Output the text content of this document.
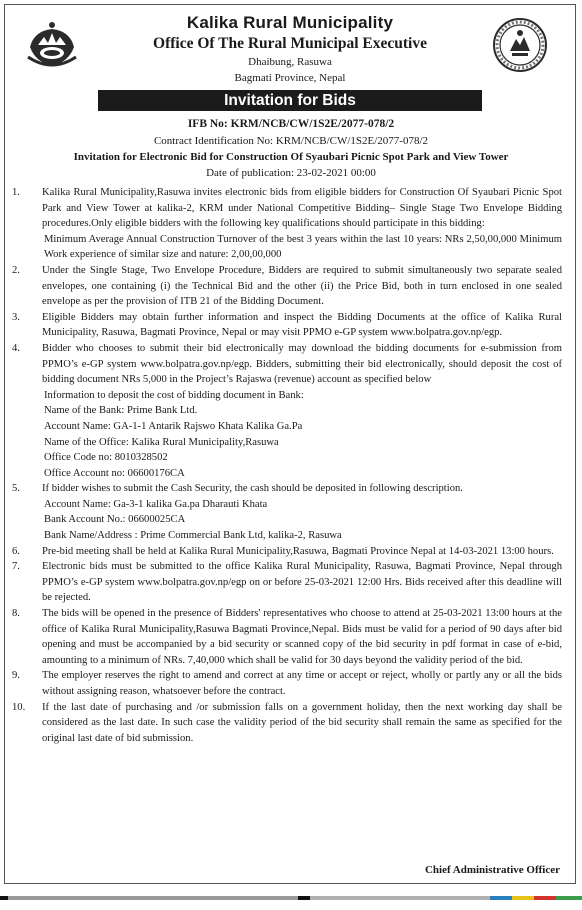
Kalika Rural Municipality
Office Of The Rural Municipal Executive
Dhaibung, Rasuwa
Bagmati Province, Nepal
Invitation for Bids
IFB No: KRM/NCB/CW/1S2E/2077-078/2
Contract Identification No: KRM/NCB/CW/1S2E/2077-078/2
Invitation for Electronic Bid for Construction Of Syaubari Picnic Spot Park and View Tower
Date of publication: 23-02-2021 00:00
1. Kalika Rural Municipality,Rasuwa invites electronic bids from eligible bidders for Construction Of Syaubari Picnic Spot Park and View Tower at kalika-2, KRM under National Competitive Bidding– Single Stage Two Envelope Bidding procedures.Only eligible bidders with the following key qualifications should participate in this bidding:
Minimum Average Annual Construction Turnover of the best 3 years within the last 10 years: NRs 2,50,00,000 Minimum Work experience of similar size and nature: 2,00,00,000
2. Under the Single Stage, Two Envelope Procedure, Bidders are required to submit simultaneously two separate sealed envelopes, one containing (i) the Technical Bid and the other (ii) the Price Bid, both in turn enclosed in one sealed envelope as per the provision of ITB 21 of the Bidding Document.
3. Eligible Bidders may obtain further information and inspect the Bidding Documents at the office of Kalika Rural Municipality, Rasuwa, Bagmati Province, Nepal or may visit PPMO e-GP system www.bolpatra.gov.np/egp.
4. Bidder who chooses to submit their bid electronically may download the bidding documents for e-submission from PPMO’s e-GP system www.bolpatra.gov.np/egp. Bidders, submitting their bid electronically, should deposit the cost of bidding document NRs 5,000 in the Project’s Rajaswa (revenue) account as specified below
Information to deposit the cost of bidding document in Bank:
Name of the Bank: Prime Bank Ltd.
Account Name: GA-1-1 Antarik Rajswo Khata Kalika Ga.Pa
Name of the Office: Kalika Rural Municipality,Rasuwa
Office Code no: 8010328502
Office Account no: 06600176CA
5. If bidder wishes to submit the Cash Security, the cash should be deposited in following description.
Account Name: Ga-3-1 kalika Ga.pa Dharauti Khata
Bank Account No.: 06600025CA
Bank Name/Address : Prime Commercial Bank Ltd, kalika-2, Rasuwa
6. Pre-bid meeting shall be held at Kalika Rural Municipality,Rasuwa, Bagmati Province Nepal at 14-03-2021 13:00 hours.
7. Electronic bids must be submitted to the office Kalika Rural Municipality, Rasuwa, Bagmati Province, Nepal through PPMO’s e-GP system www.bolpatra.gov.np/egp on or before 25-03-2021 12:00 Hrs. Bids received after this deadline will be rejected.
8. The bids will be opened in the presence of Bidders' representatives who choose to attend at 25-03-2021 13:00 hours at the office of Kalika Rural Municipality,Rasuwa Bagmati Province,Nepal. Bids must be valid for a period of 90 days after bid opening and must be accompanied by a bid security or scanned copy of the bid security in pdf format in case of e-bid, amounting to a minimum of NRs. 7,40,000 which shall be valid for 30 days beyond the validity period of the bid.
9. The employer reserves the right to amend and correct at any time or accept or reject, wholly or partly any or all the bids without assigning reason, whatsoever before the contract.
10. If the last date of purchasing and /or submission falls on a government holiday, then the next working day shall be considered as the last date. In such case the validity period of the bid security shall remain the same as specified for the original last date of bid submission.
Chief Administrative Officer
